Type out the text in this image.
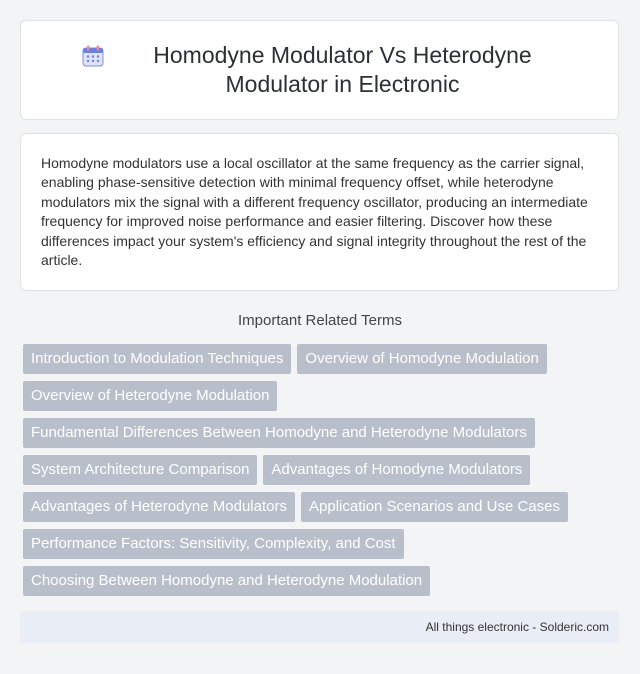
Homodyne Modulator Vs Heterodyne Modulator in Electronic

Homodyne modulators use a local oscillator at the same frequency as the carrier signal, enabling phase-sensitive detection with minimal frequency offset, while heterodyne modulators mix the signal with a different frequency oscillator, producing an intermediate frequency for improved noise performance and easier filtering. Discover how these differences impact your system's efficiency and signal integrity throughout the rest of the article.

Important Related Terms
Introduction to Modulation Techniques	Overview of Homodyne Modulation
Overview of Heterodyne Modulation
Fundamental Differences Between Homodyne and Heterodyne Modulators
System Architecture Comparison	Advantages of Homodyne Modulators
Advantages of Heterodyne Modulators	Application Scenarios and Use Cases
Performance Factors: Sensitivity, Complexity, and Cost
Choosing Between Homodyne and Heterodyne Modulation
All things electronic - Solderic.com
